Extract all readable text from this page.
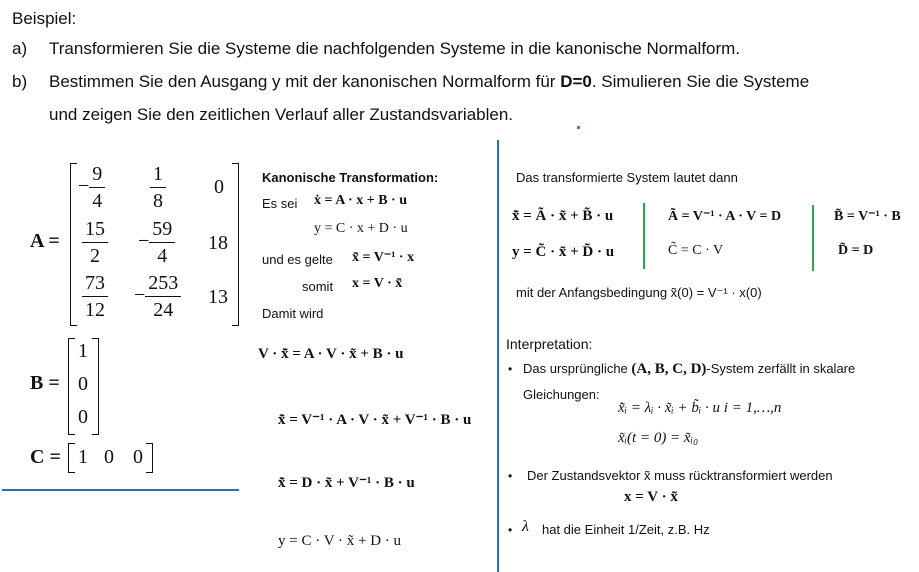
Beispiel:
a) Transformieren Sie die Systeme die nachfolgenden Systeme in die kanonische Normalform.
b) Bestimmen Sie den Ausgang y mit der kanonischen Normalform für D=0. Simulieren Sie die Systeme
und zeigen Sie den zeitlichen Verlauf aller Zustandsvariablen.
A =
− $\frac{9}{4} \frac{1}{8} 0$
$\frac{15}{2} - \frac{59}{4} 18$
$\frac{73}{12} - \frac{253}{24} 13$
B =
1
0
0
C = 1 0 0
Kanonische Transformation:
Es sei ẋ = A · x + B · u
y = C · x + D · u
und es gelte x̃ = V⁻¹ · x
somit x = V · x̃
Damit wird
V · x̃̇ = A · V · x̃ + B · u
x̃̇ = V⁻¹ · A · V · x̃ + V⁻¹ · B · u
x̃̇ = D · x̃ + V⁻¹ · B · u
y = C · V · x̃ + D · u
Das transformierte System lautet dann
x̃̇ = Ã · x̃ + B̃ · u
y = C̃ · x̃ + D̃ · u
Ã = V⁻¹ · A · V = D
C̃ = C · V
B̃ = V⁻¹ · B
D̃ = D
mit der Anfangsbedingung x̃(0) = V⁻¹ · x(0)
Interpretation:
• Das ursprüngliche (A, B, C, D)-System zerfällt in skalare
Gleichungen:
x̃̇ᵢ = λᵢ · x̃ᵢ + b̃ᵢ · u i = 1,…,n
x̃ᵢ(t = 0) = x̃ᵢ₀
• Der Zustandsvektor x̃ muss rücktransformiert werden
x = V · x̃
• λ hat die Einheit 1/Zeit, z.B. Hz
